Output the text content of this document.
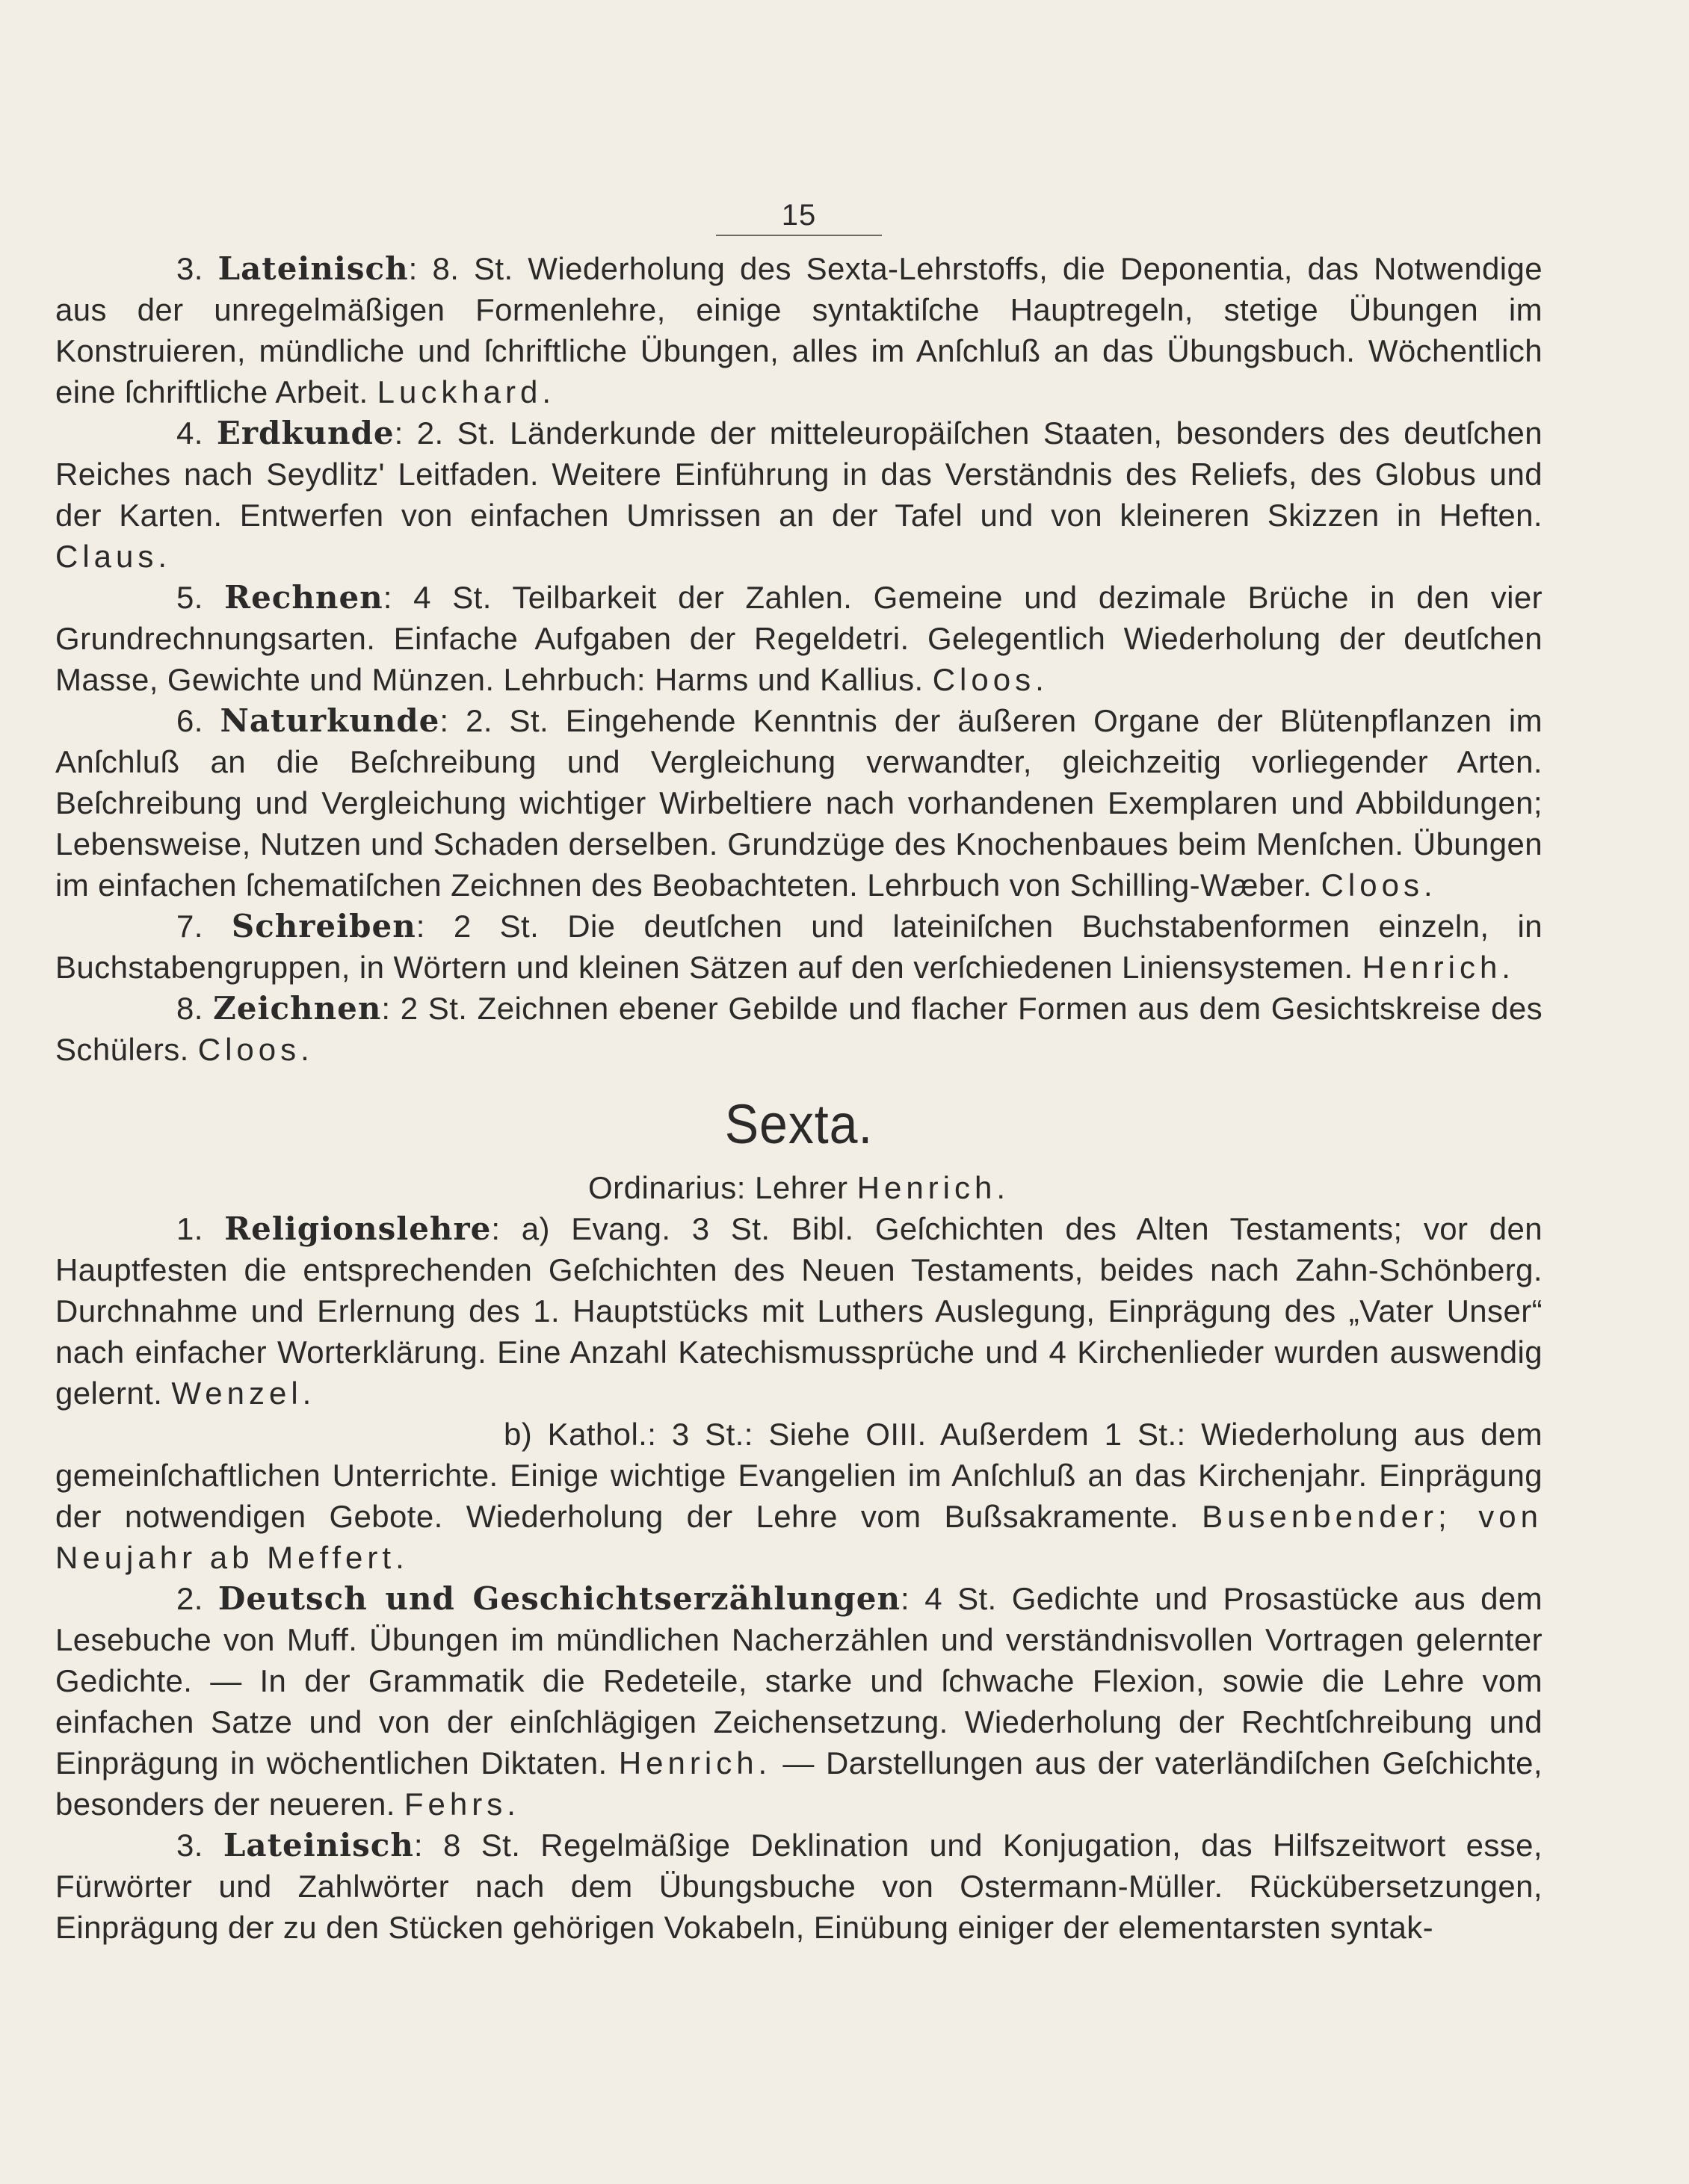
15

3. Lateinisch: 8. St. Wiederholung des Sexta-Lehrstoffs, die Deponentia, das Notwendige aus der unregelmäßigen Formenlehre, einige syntaktiſche Hauptregeln, stetige Übungen im Konstruieren, mündliche und ſchriftliche Übungen, alles im Anſchluß an das Übungsbuch. Wöchentlich eine ſchriftliche Arbeit. Luckhard.

4. Erdkunde: 2. St. Länderkunde der mitteleuropäiſchen Staaten, besonders des deutſchen Reiches nach Seydlitz' Leitfaden. Weitere Einführung in das Verständnis des Reliefs, des Globus und der Karten. Entwerfen von einfachen Umrissen an der Tafel und von kleineren Skizzen in Heften. Claus.

5. Rechnen: 4 St. Teilbarkeit der Zahlen. Gemeine und dezimale Brüche in den vier Grundrechnungsarten. Einfache Aufgaben der Regeldetri. Gelegentlich Wiederholung der deutſchen Masse, Gewichte und Münzen. Lehrbuch: Harms und Kallius. Cloos.

6. Naturkunde: 2. St. Eingehende Kenntnis der äußeren Organe der Blütenpflanzen im Anſchluß an die Beſchreibung und Vergleichung verwandter, gleichzeitig vorliegender Arten. Beſchreibung und Vergleichung wichtiger Wirbeltiere nach vorhandenen Exemplaren und Abbildungen; Lebensweise, Nutzen und Schaden derselben. Grundzüge des Knochenbaues beim Menſchen. Übungen im einfachen ſchematiſchen Zeichnen des Beobachteten. Lehrbuch von Schilling-Wæber. Cloos.

7. Schreiben: 2 St. Die deutſchen und lateiniſchen Buchstabenformen einzeln, in Buchstabengruppen, in Wörtern und kleinen Sätzen auf den verſchiedenen Liniensystemen. Henrich.

8. Zeichnen: 2 St. Zeichnen ebener Gebilde und flacher Formen aus dem Gesichtskreise des Schülers. Cloos.

Sexta.
Ordinarius: Lehrer Henrich.

1. Religionslehre: a) Evang. 3 St. Bibl. Geſchichten des Alten Testaments; vor den Hauptfesten die entsprechenden Geſchichten des Neuen Testaments, beides nach Zahn-Schönberg. Durchnahme und Erlernung des 1. Hauptstücks mit Luthers Auslegung, Einprägung des „Vater Unser“ nach einfacher Worterklärung. Eine Anzahl Katechismussprüche und 4 Kirchenlieder wurden auswendig gelernt. Wenzel.

b) Kathol.: 3 St.: Siehe OIII. Außerdem 1 St.: Wiederholung aus dem gemeinſchaftlichen Unterrichte. Einige wichtige Evangelien im Anſchluß an das Kirchenjahr. Einprägung der notwendigen Gebote. Wiederholung der Lehre vom Bußsakramente. Busenbender; von Neujahr ab Meffert.

2. Deutsch und Geschichtserzählungen: 4 St. Gedichte und Prosastücke aus dem Lesebuche von Muff. Übungen im mündlichen Nacherzählen und verständnisvollen Vortragen gelernter Gedichte. — In der Grammatik die Redeteile, starke und ſchwache Flexion, sowie die Lehre vom einfachen Satze und von der einſchlägigen Zeichensetzung. Wiederholung der Rechtſchreibung und Einprägung in wöchentlichen Diktaten. Henrich. — Darstellungen aus der vaterländiſchen Geſchichte, besonders der neueren. Fehrs.

3. Lateinisch: 8 St. Regelmäßige Deklination und Konjugation, das Hilfszeitwort esse, Fürwörter und Zahlwörter nach dem Übungsbuche von Ostermann-Müller. Rückübersetzungen, Einprägung der zu den Stücken gehörigen Vokabeln, Einübung einiger der elementarsten syntak-
